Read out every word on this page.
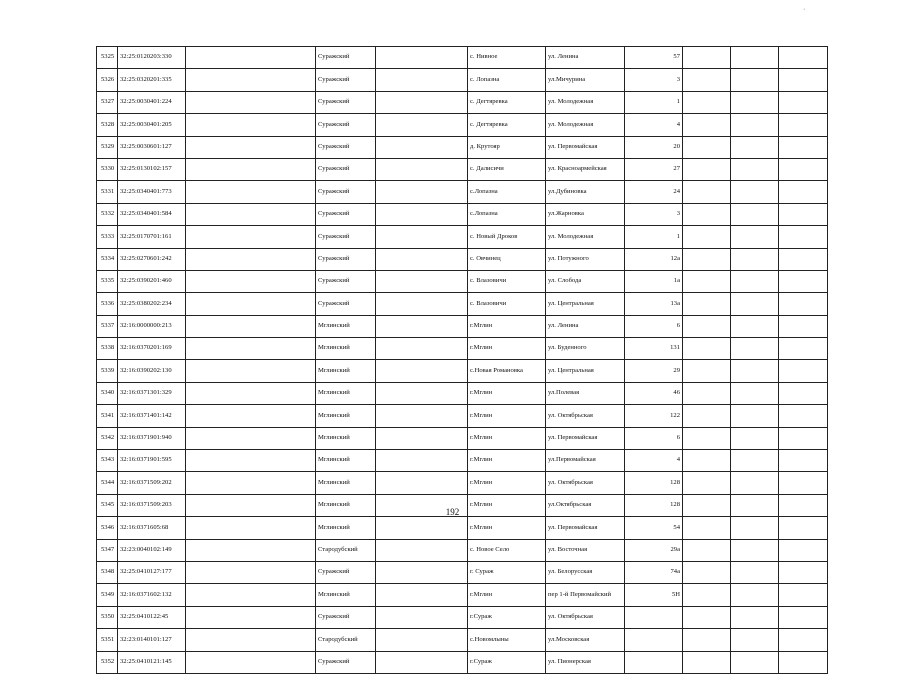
·
5325	32:25:0120203:330		Суражский		с. Нивное	ул. Ленина	57			
5326	32:25:0320201:335		Суражский		с. Лопазна	ул.Мичурина	3			
5327	32:25:0030401:224		Суражский		с. Дегтяревка	ул. Молодежная	1			
5328	32:25:0030401:205		Суражский		с. Дегтяревка	ул. Молодежная	4			
5329	32:25:0030601:127		Суражский		д. Крутояр	ул. Первомайская	20			
5330	32:25:0130102:157		Суражский		с. Далисичи	ул. Красноармейская	27			
5331	32:25:0340401:773		Суражский		с.Лопазна	ул.Дубиновка	24			
5332	32:25:0340401:584		Суражский		с.Лопазна	ул.Жарновка	3			
5333	32:25:0170701:161		Суражский		с. Новый Дроков	ул. Молодежная	1			
5334	32:25:0270601:242		Суражский		с. Овчинец	ул. Потужного	12а			
5335	32:25:0390201:460		Суражский		с. Влазовичи	ул. Слобода	1а			
5336	32:25:0380202:234		Суражский		с. Влазовичи	ул. Центральная	13а			
5337	32:16:0000000:213		Мглинский		г.Мглин	ул. Ленина	6			
5338	32:16:0370201:169		Мглинский		г.Мглин	ул. Буденного	131			
5339	32:16:0390202:130		Мглинский		с.Новая Романовка	ул. Центральная	29			
5340	32:16:0371301:329		Мглинский		г.Мглин	ул.Полевая	46			
5341	32:16:0371401:142		Мглинский		г.Мглин	ул. Октябрьская	122			
5342	32:16:0371901:940		Мглинский		г.Мглин	ул. Первомайская	6			
5343	32:16:0371901:595		Мглинский		г.Мглин	ул.Первомайская	4			
5344	32:16:0371509:202		Мглинский		г.Мглин	ул. Октябрьская	128			
5345	32:16:0371509:203		Мглинский		г.Мглин	ул.Октябрьская	128			
5346	32:16:0371605:68		Мглинский		г.Мглин	ул. Первомайская	54			
5347	32:23:0040102:149		Стародубский		с. Новое Село	ул. Восточная	29а			
5348	32:25:0410127:177		Суражский		г. Сураж	ул. Белорусская	74а			
5349	32:16:0371602:132		Мглинский		г.Мглин	пер 1-й Первомайский	5Н			
5350	32:25:0410122:45		Суражский		г.Сураж	ул. Октябрьская				
5351	32:23:0140101:127		Стародубский		с.Новомлыны	ул.Московская				
5352	32:25:0410121:145		Суражский		г.Сураж	ул. Пионерская				
192
